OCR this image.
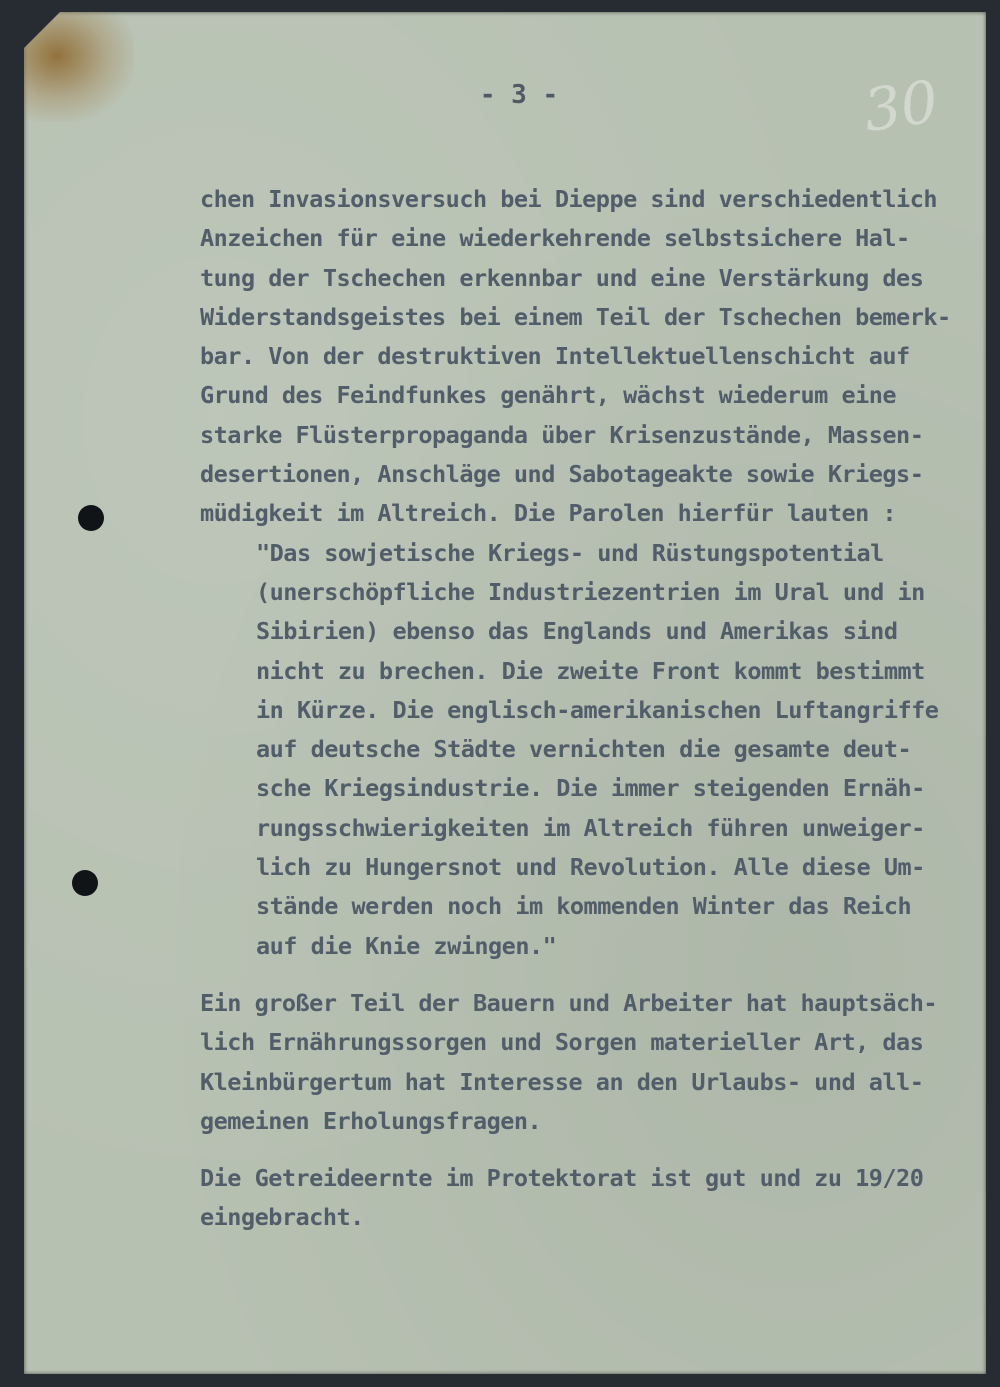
- 3 -	30
chen Invasionsversuch bei Dieppe sind verschiedentlich
Anzeichen für eine wiederkehrende selbstsichere Hal-
tung der Tschechen erkennbar und eine Verstärkung des
Widerstandsgeistes bei einem Teil der Tschechen bemerk-
bar. Von der destruktiven Intellektuellenschicht auf
Grund des Feindfunkes genährt, wächst wiederum eine
starke Flüsterpropaganda über Krisenzustände, Massen-
desertionen, Anschläge und Sabotageakte sowie Kriegs-
müdigkeit im Altreich. Die Parolen hierfür lauten :
"Das sowjetische Kriegs- und Rüstungspotential
(unerschöpfliche Industriezentrien im Ural und in
Sibirien) ebenso das Englands und Amerikas sind
nicht zu brechen. Die zweite Front kommt bestimmt
in Kürze. Die englisch-amerikanischen Luftangriffe
auf deutsche Städte vernichten die gesamte deut-
sche Kriegsindustrie. Die immer steigenden Ernäh-
rungsschwierigkeiten im Altreich führen unweiger-
lich zu Hungersnot und Revolution. Alle diese Um-
stände werden noch im kommenden Winter das Reich
auf die Knie zwingen."
Ein großer Teil der Bauern und Arbeiter hat hauptsäch-
lich Ernährungssorgen und Sorgen materieller Art, das
Kleinbürgertum hat Interesse an den Urlaubs- und all-
gemeinen Erholungsfragen.
Die Getreideernte im Protektorat ist gut und zu 19/20
eingebracht.
